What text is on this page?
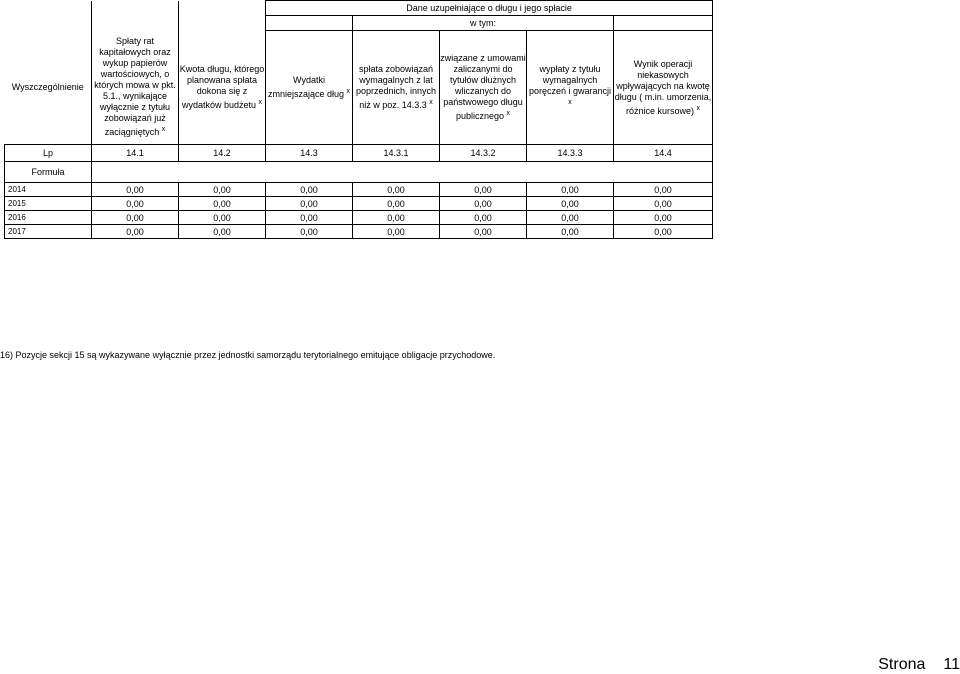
			Dane uzupełniające o długu i jego spłacie				
				w tym:			
Wyszczególnienie	Spłaty rat kapitałowych oraz wykup papierów wartościowych, o których mowa w pkt. 5.1., wynikające wyłącznie z tytułu zobowiązań już zaciągniętych $^x$	Kwota długu, którego planowana spłata dokona się z wydatków budżetu $^x$	Wydatki zmniejszające dług $^x$	spłata zobowiązań wymagalnych z lat poprzednich, innych niż w poz. 14.3.3 $^x$	związane z umowami zaliczanymi do tytułów dłużnych wliczanych do państwowego długu publicznego $^x$	wypłaty z tytułu wymagalnych poręczeń i gwarancji $^x$	Wynik operacji niekasowych wpływających na kwotę długu ( m.in. umorzenia, różnice kursowe) $^x$
Lp	14.1	14.2	14.3	14.3.1	14.3.2	14.3.3	14.4
Formuła							
2014	0,00	0,00	0,00	0,00	0,00	0,00	0,00
2015	0,00	0,00	0,00	0,00	0,00	0,00	0,00
2016	0,00	0,00	0,00	0,00	0,00	0,00	0,00
2017	0,00	0,00	0,00	0,00	0,00	0,00	0,00
16) Pozycje sekcji 15 są wykazywane wyłącznie przez jednostki samorządu terytorialnego emitujące obligacje przychodowe.
Strona 11
